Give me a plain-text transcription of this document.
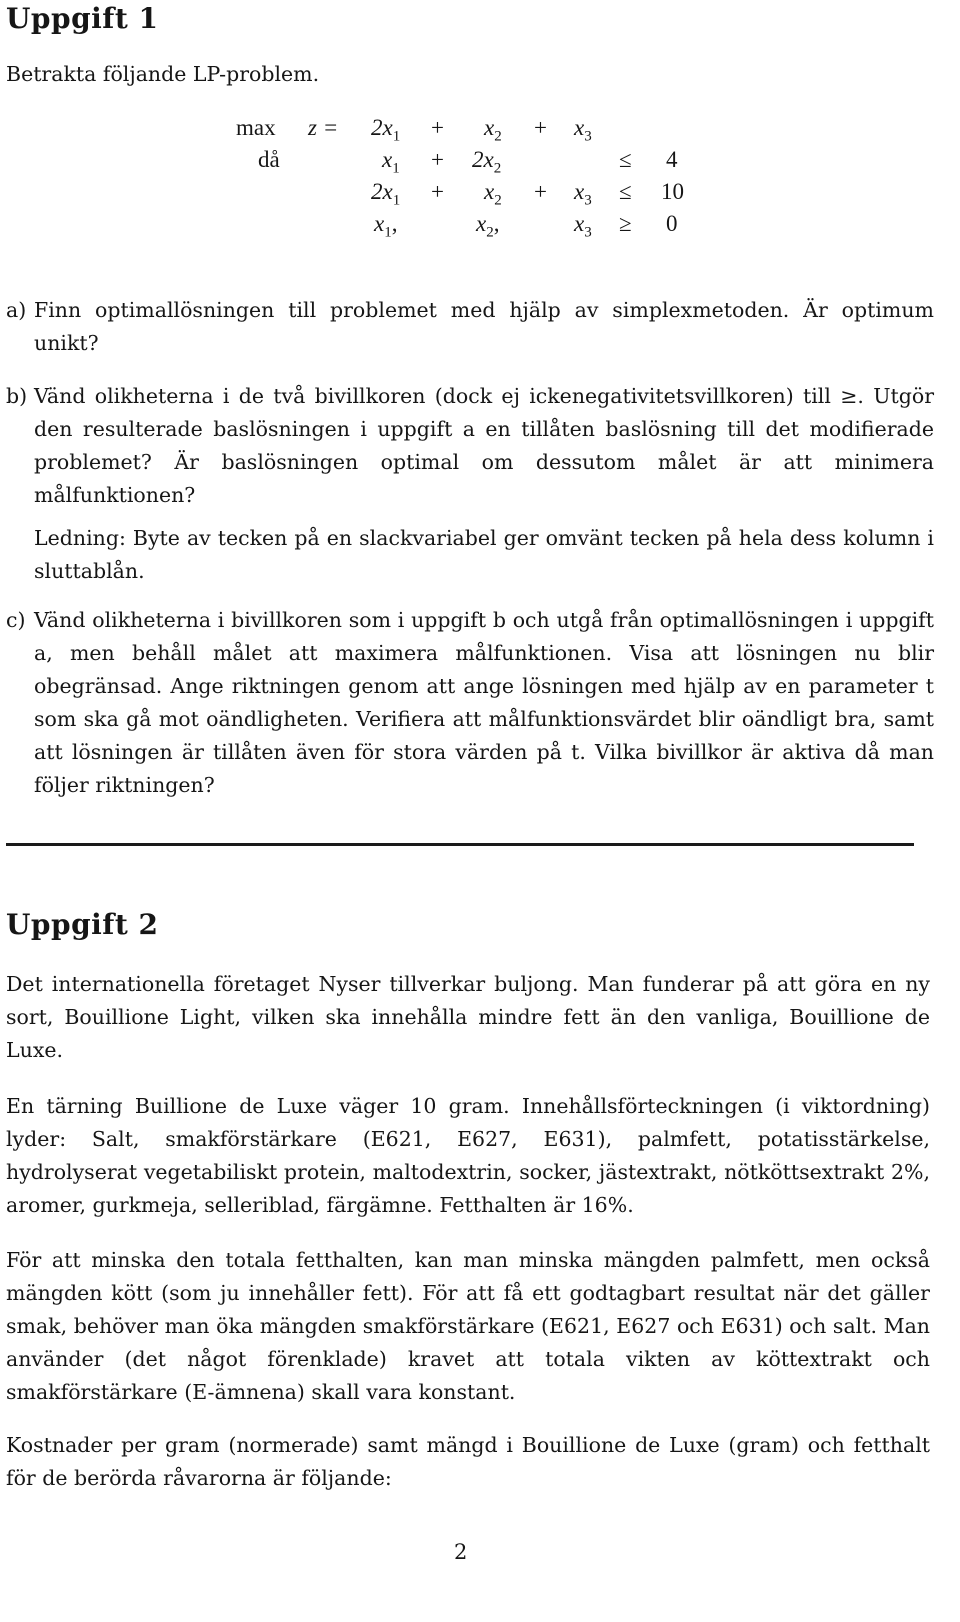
Uppgift 1

Betrakta följande LP-problem.

$\max z = 2x_1 + x_2 + x_3$
då	$x_1 + 2x_2$	≤ 4
$2x_1 + x_2 + x_3 \le 10$
$x_1$,	$x_2$,	$x_3 \ge 0$
a) Finn optimallösningen till problemet med hjälp av simplexmetoden. Är optimum unikt?

b) Vänd olikheterna i de två bivillkoren (dock ej ickenegativitetsvillkoren) till ≥. Utgör den resulterade baslösningen i uppgift a en tillåten baslösning till det modifierade problemet? Är baslösningen optimal om dessutom målet är att minimera målfunktionen?

Ledning: Byte av tecken på en slackvariabel ger omvänt tecken på hela dess kolumn i sluttablån.

c) Vänd olikheterna i bivillkoren som i uppgift b och utgå från optimallösningen i uppgift a, men behåll målet att maximera målfunktionen. Visa att lösningen nu blir obegränsad. Ange riktningen genom att ange lösningen med hjälp av en parameter t som ska gå mot oändligheten. Verifiera att målfunktionsvärdet blir oändligt bra, samt att lösningen är tillåten även för stora värden på t. Vilka bivillkor är aktiva då man följer riktningen?

Uppgift 2

Det internationella företaget Nyser tillverkar buljong. Man funderar på att göra en ny sort, Bouillione Light, vilken ska innehålla mindre fett än den vanliga, Bouillione de Luxe.

En tärning Buillione de Luxe väger 10 gram. Innehållsförteckningen (i viktordning) lyder: Salt, smakförstärkare (E621, E627, E631), palmfett, potatisstärkelse, hydrolyserat vegetabiliskt protein, maltodextrin, socker, jästextrakt, nötköttsextrakt 2%, aromer, gurkmeja, selleriblad, färgämne. Fetthalten är 16%.

För att minska den totala fetthalten, kan man minska mängden palmfett, men också mängden kött (som ju innehåller fett). För att få ett godtagbart resultat när det gäller smak, behöver man öka mängden smakförstärkare (E621, E627 och E631) och salt. Man använder (det något förenklade) kravet att totala vikten av köttextrakt och smakförstärkare (E-ämnena) skall vara konstant.

Kostnader per gram (normerade) samt mängd i Bouillione de Luxe (gram) och fetthalt för de berörda råvarorna är följande:

2
